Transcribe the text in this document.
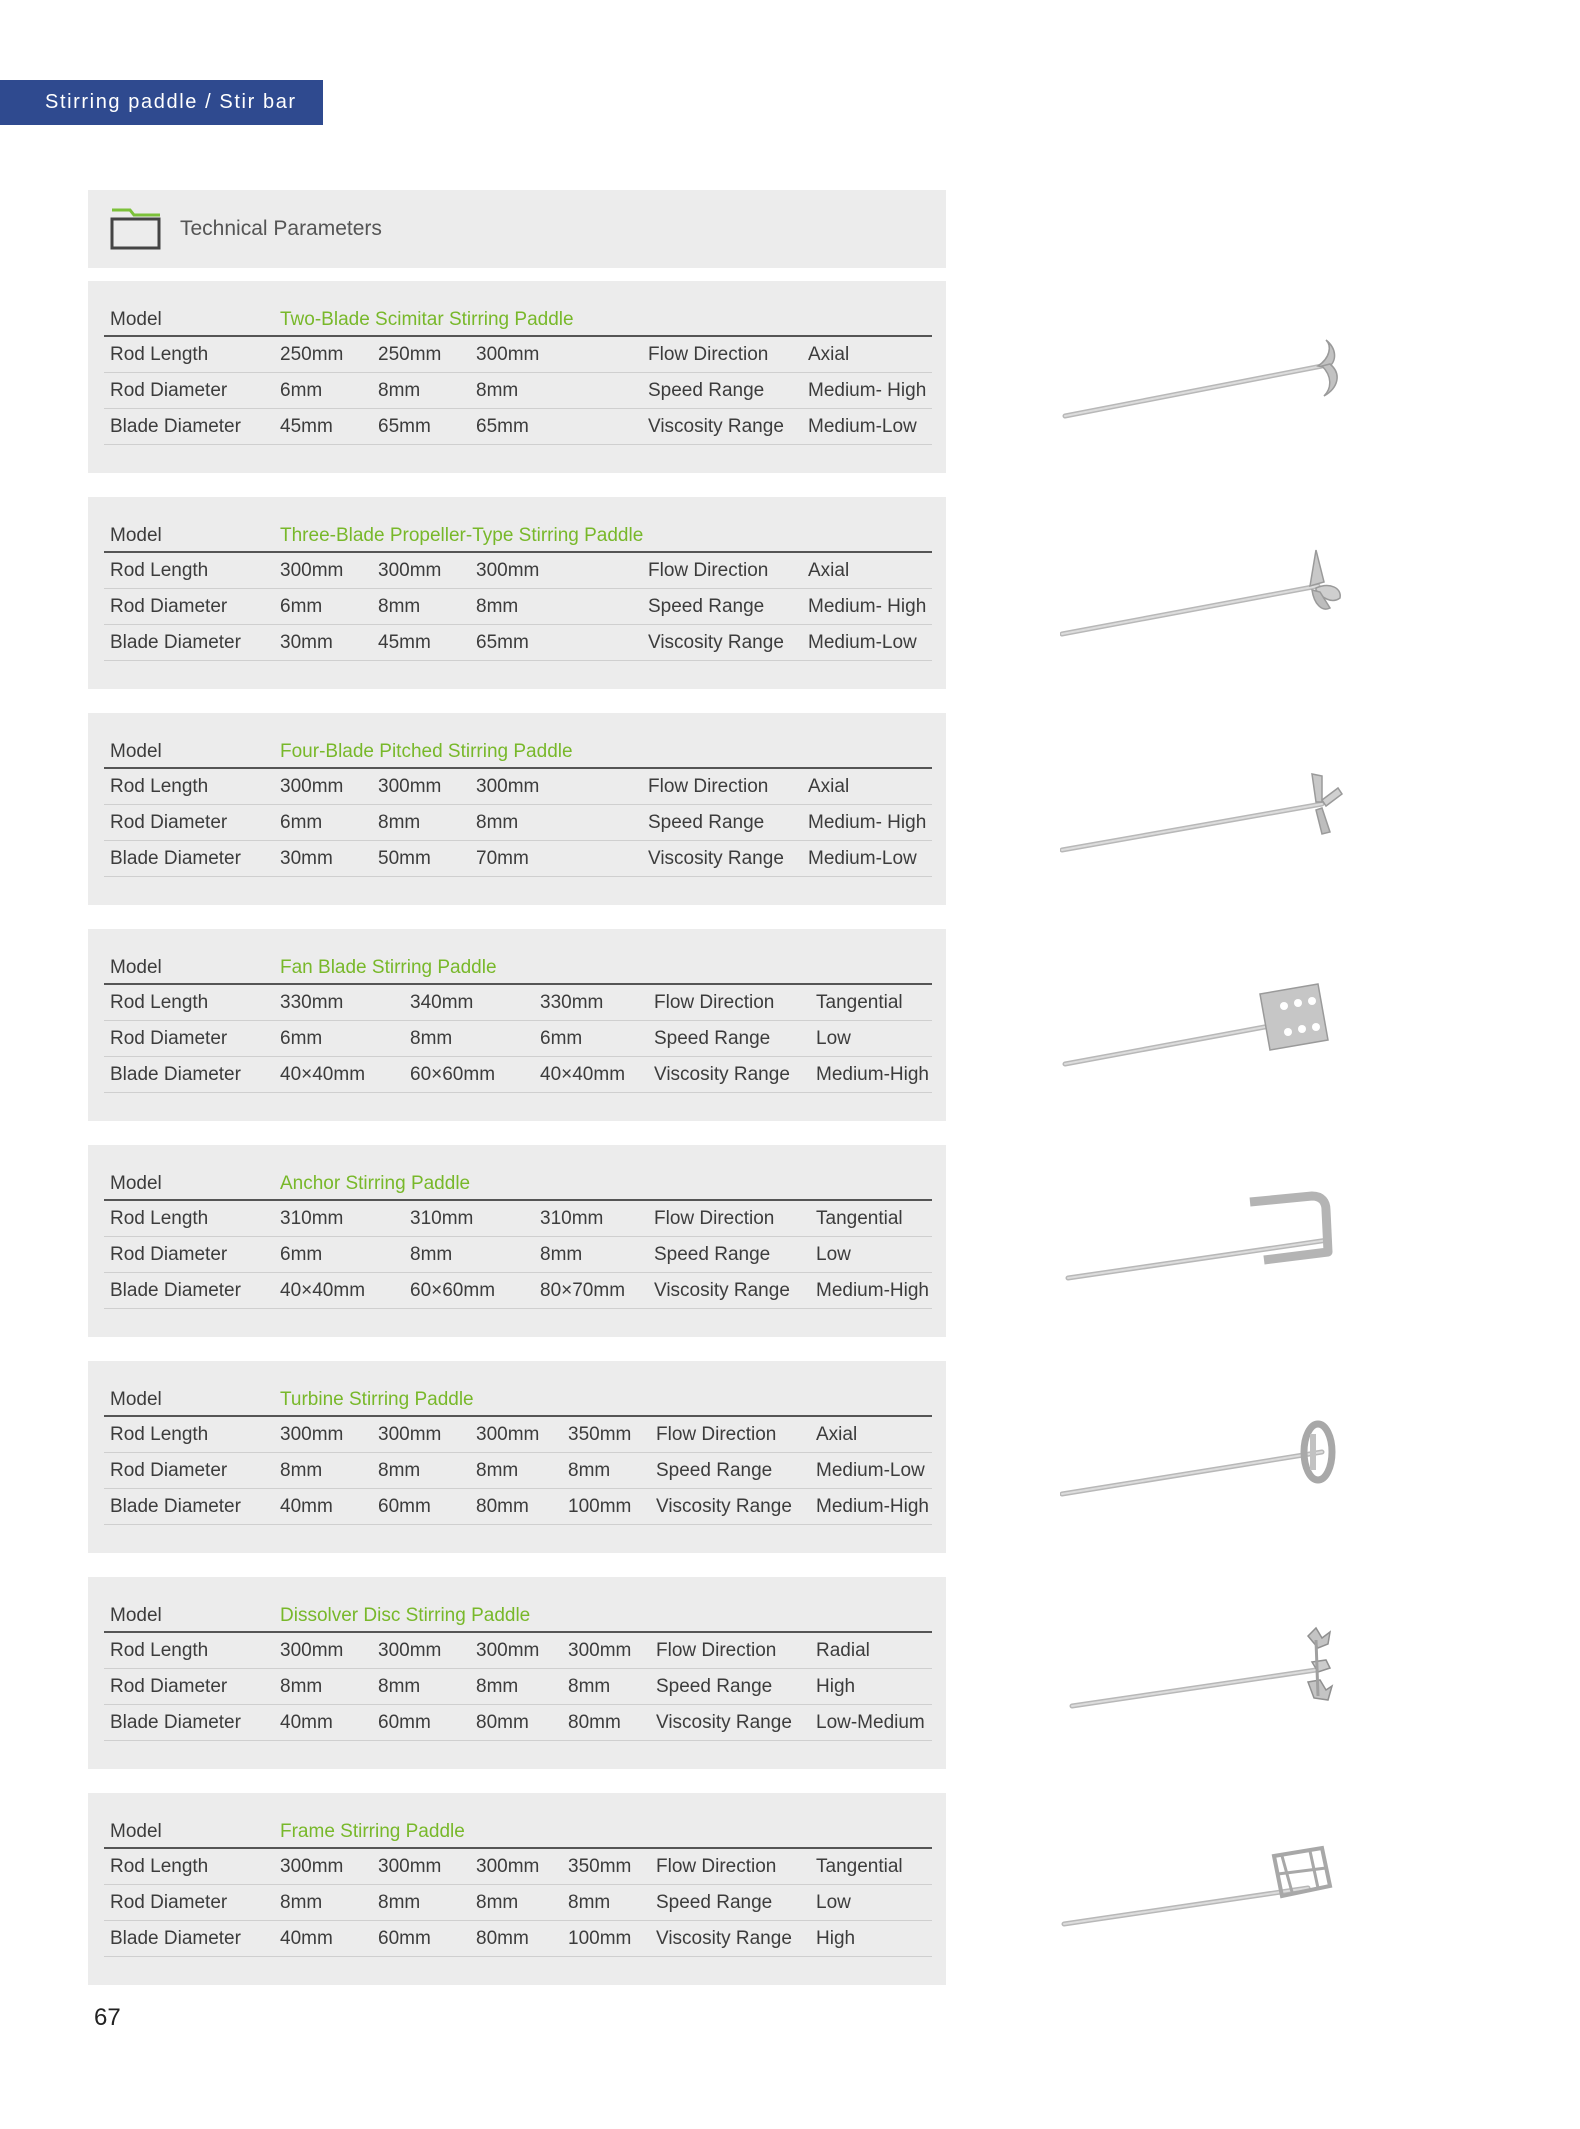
Stirring paddle / Stir bar
Technical Parameters
Model	Two-Blade Scimitar Stirring Paddle				
Rod Length	250mm	250mm	300mm	Flow Direction	Axial
Rod Diameter	6mm	8mm	8mm	Speed Range	Medium- High
Blade Diameter	45mm	65mm	65mm	Viscosity Range	Medium-Low
Model	Three-Blade Propeller-Type Stirring Paddle				
Rod Length	300mm	300mm	300mm	Flow Direction	Axial
Rod Diameter	6mm	8mm	8mm	Speed Range	Medium- High
Blade Diameter	30mm	45mm	65mm	Viscosity Range	Medium-Low
Model	Four-Blade Pitched Stirring Paddle				
Rod Length	300mm	300mm	300mm	Flow Direction	Axial
Rod Diameter	6mm	8mm	8mm	Speed Range	Medium- High
Blade Diameter	30mm	50mm	70mm	Viscosity Range	Medium-Low
Model	Fan Blade Stirring Paddle				
Rod Length	330mm	340mm	330mm	Flow Direction	Tangential
Rod Diameter	6mm	8mm	6mm	Speed Range	Low
Blade Diameter	40×40mm	60×60mm	40×40mm	Viscosity Range	Medium-High
Model	Anchor Stirring Paddle				
Rod Length	310mm	310mm	310mm	Flow Direction	Tangential
Rod Diameter	6mm	8mm	8mm	Speed Range	Low
Blade Diameter	40×40mm	60×60mm	80×70mm	Viscosity Range	Medium-High
Model	Turbine Stirring Paddle					
Rod Length	300mm	300mm	300mm	350mm	Flow Direction	Axial
Rod Diameter	8mm	8mm	8mm	8mm	Speed Range	Medium-Low
Blade Diameter	40mm	60mm	80mm	100mm	Viscosity Range	Medium-High
Model	Dissolver Disc Stirring Paddle					
Rod Length	300mm	300mm	300mm	300mm	Flow Direction	Radial
Rod Diameter	8mm	8mm	8mm	8mm	Speed Range	High
Blade Diameter	40mm	60mm	80mm	80mm	Viscosity Range	Low-Medium
Model	Frame Stirring Paddle					
Rod Length	300mm	300mm	300mm	350mm	Flow Direction	Tangential
Rod Diameter	8mm	8mm	8mm	8mm	Speed Range	Low
Blade Diameter	40mm	60mm	80mm	100mm	Viscosity Range	High
67
